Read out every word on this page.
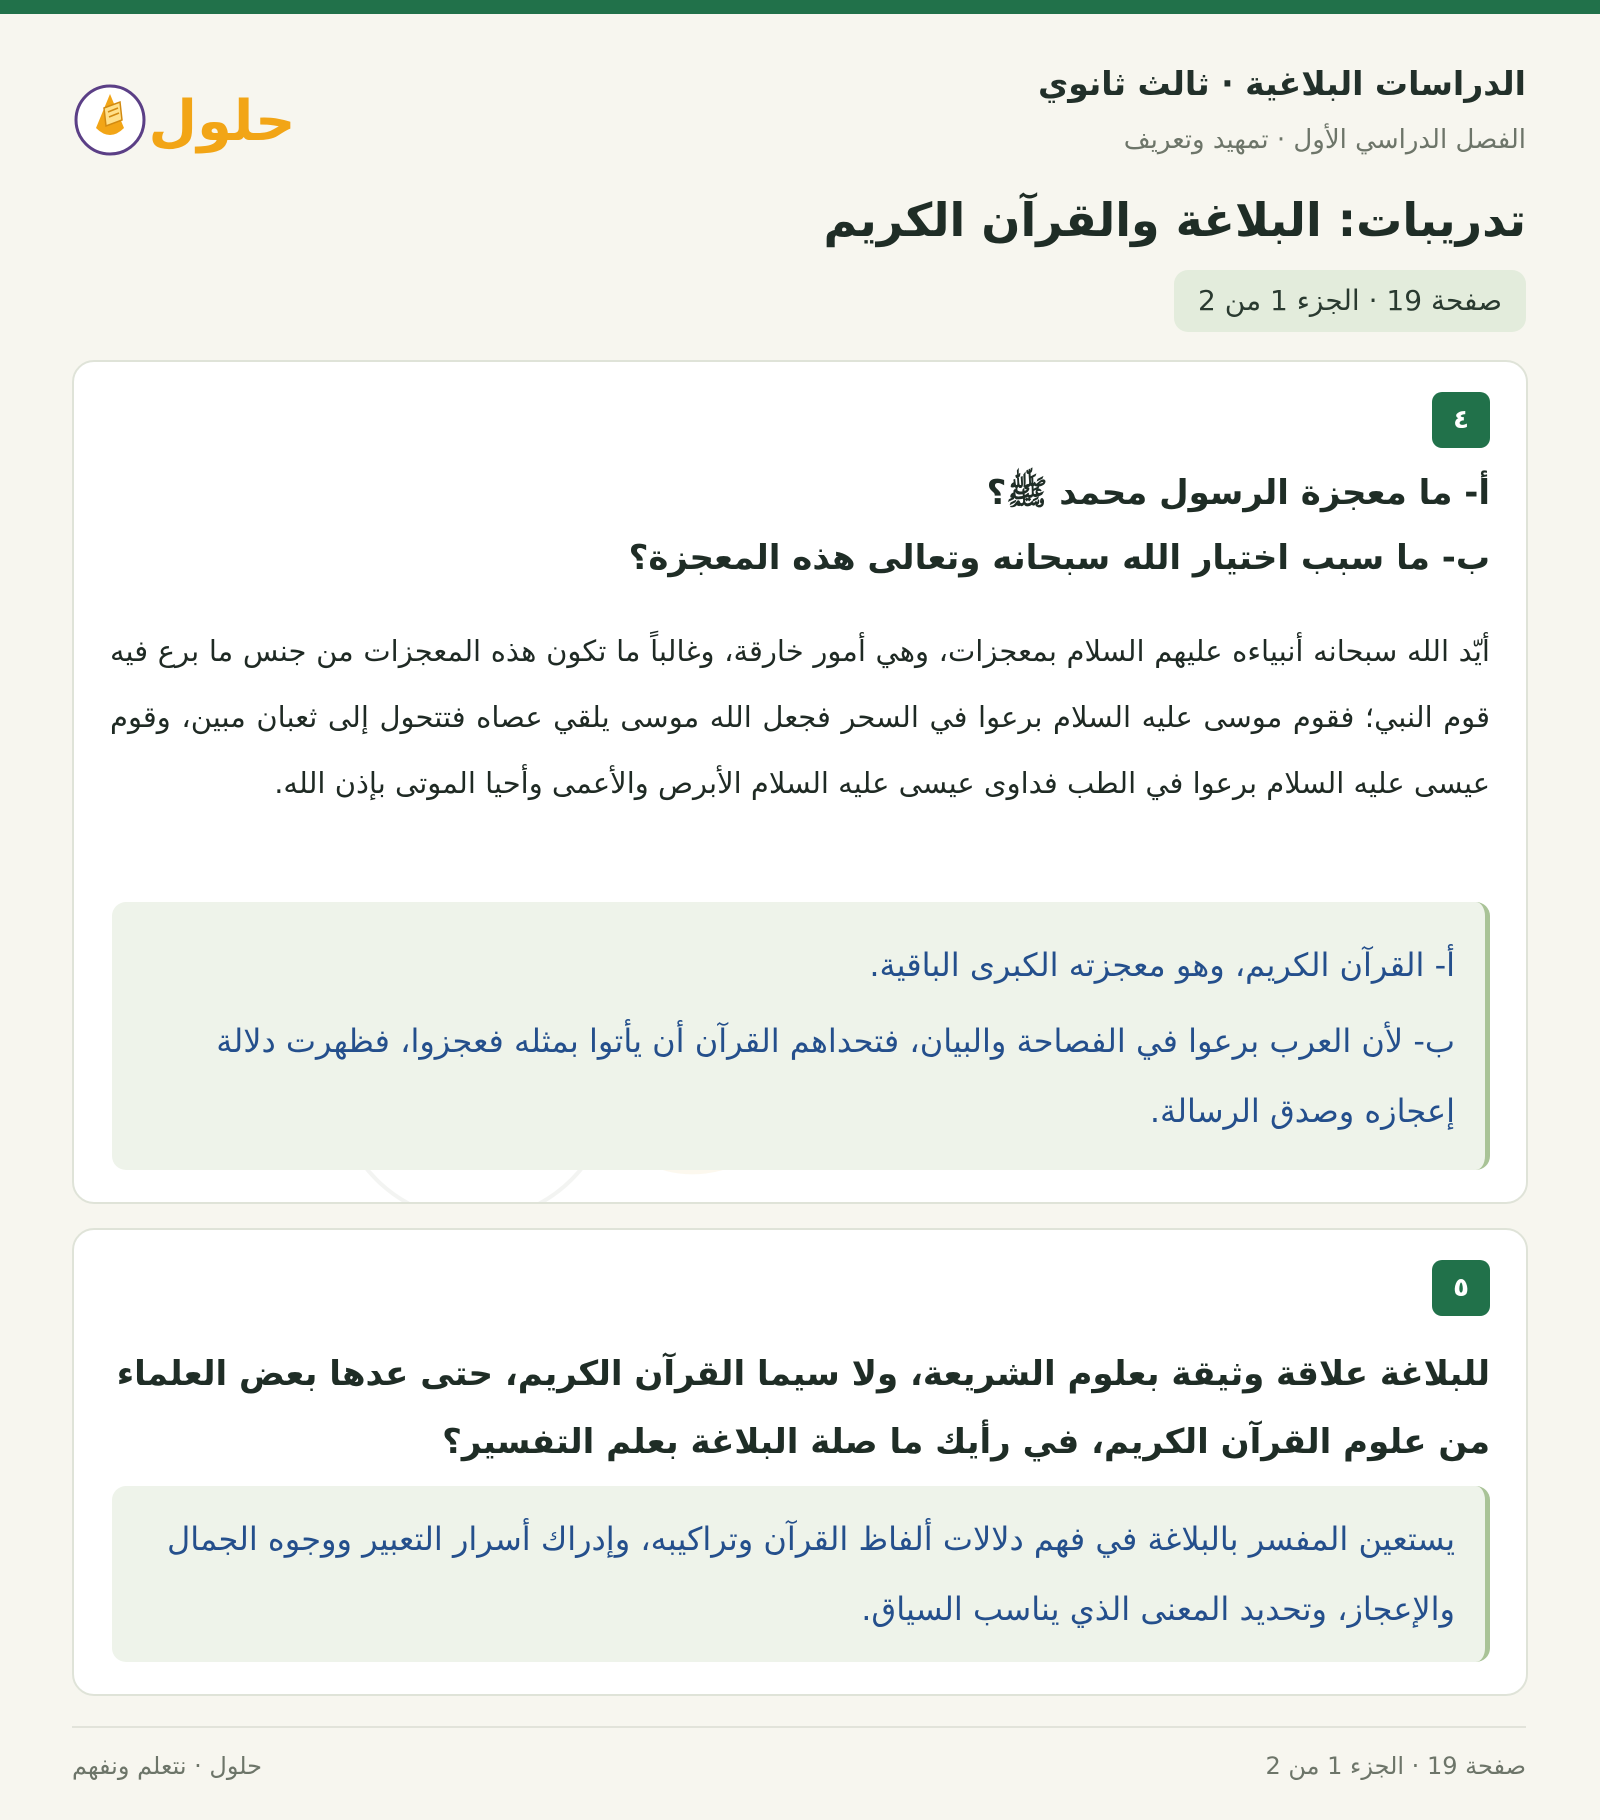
الدراسات البلاغية · ثالث ثانوي
الفصل الدراسي الأول · تمهيد وتعريف
حلول
تدريبات: البلاغة والقرآن الكريم
صفحة 19 · الجزء 1 من 2
٤
أ- ما معجزة الرسول محمد ﷺ؟
ب- ما سبب اختيار الله سبحانه وتعالى هذه المعجزة؟
أيّد الله سبحانه أنبياءه عليهم السلام بمعجزات، وهي أمور خارقة، وغالباً ما تكون هذه المعجزات من جنس ما برع فيه قوم النبي؛ فقوم موسى عليه السلام برعوا في السحر فجعل الله موسى يلقي عصاه فتتحول إلى ثعبان مبين، وقوم عيسى عليه السلام برعوا في الطب فداوى عيسى عليه السلام الأبرص والأعمى وأحيا الموتى بإذن الله.
أ- القرآن الكريم، وهو معجزته الكبرى الباقية.
ب- لأن العرب برعوا في الفصاحة والبيان، فتحداهم القرآن أن يأتوا بمثله فعجزوا، فظهرت دلالة إعجازه وصدق الرسالة.
٥
للبلاغة علاقة وثيقة بعلوم الشريعة، ولا سيما القرآن الكريم، حتى عدها بعض العلماء من علوم القرآن الكريم، في رأيك ما صلة البلاغة بعلم التفسير؟
يستعين المفسر بالبلاغة في فهم دلالات ألفاظ القرآن وتراكيبه، وإدراك أسرار التعبير ووجوه الجمال والإعجاز، وتحديد المعنى الذي يناسب السياق.
صفحة 19 · الجزء 1 من 2
حلول · نتعلم ونفهم
